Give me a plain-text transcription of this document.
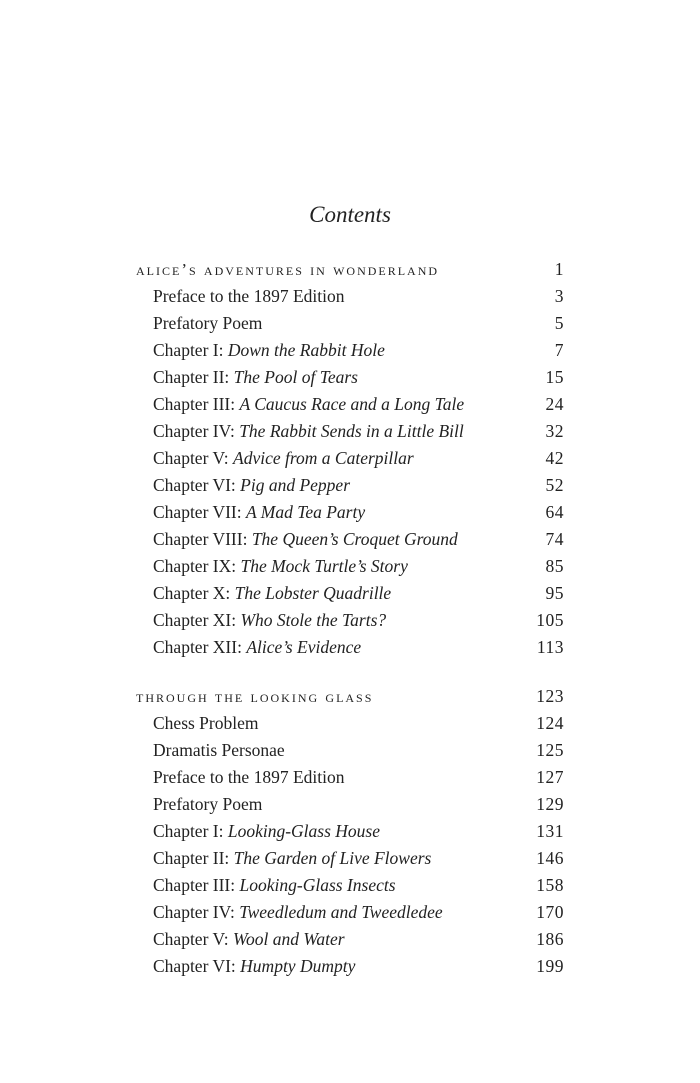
Contents
alice’s adventures in wonderland	1
Preface to the 1897 Edition	3
Prefatory Poem	5
Chapter I: Down the Rabbit Hole	7
Chapter II: The Pool of Tears	15
Chapter III: A Caucus Race and a Long Tale	24
Chapter IV: The Rabbit Sends in a Little Bill	32
Chapter V: Advice from a Caterpillar	42
Chapter VI: Pig and Pepper	52
Chapter VII: A Mad Tea Party	64
Chapter VIII: The Queen’s Croquet Ground	74
Chapter IX: The Mock Turtle’s Story	85
Chapter X: The Lobster Quadrille	95
Chapter XI: Who Stole the Tarts?	105
Chapter XII: Alice’s Evidence	113
through the looking glass	123
Chess Problem	124
Dramatis Personae	125
Preface to the 1897 Edition	127
Prefatory Poem	129
Chapter I: Looking-Glass House	131
Chapter II: The Garden of Live Flowers	146
Chapter III: Looking-Glass Insects	158
Chapter IV: Tweedledum and Tweedledee	170
Chapter V: Wool and Water	186
Chapter VI: Humpty Dumpty	199
